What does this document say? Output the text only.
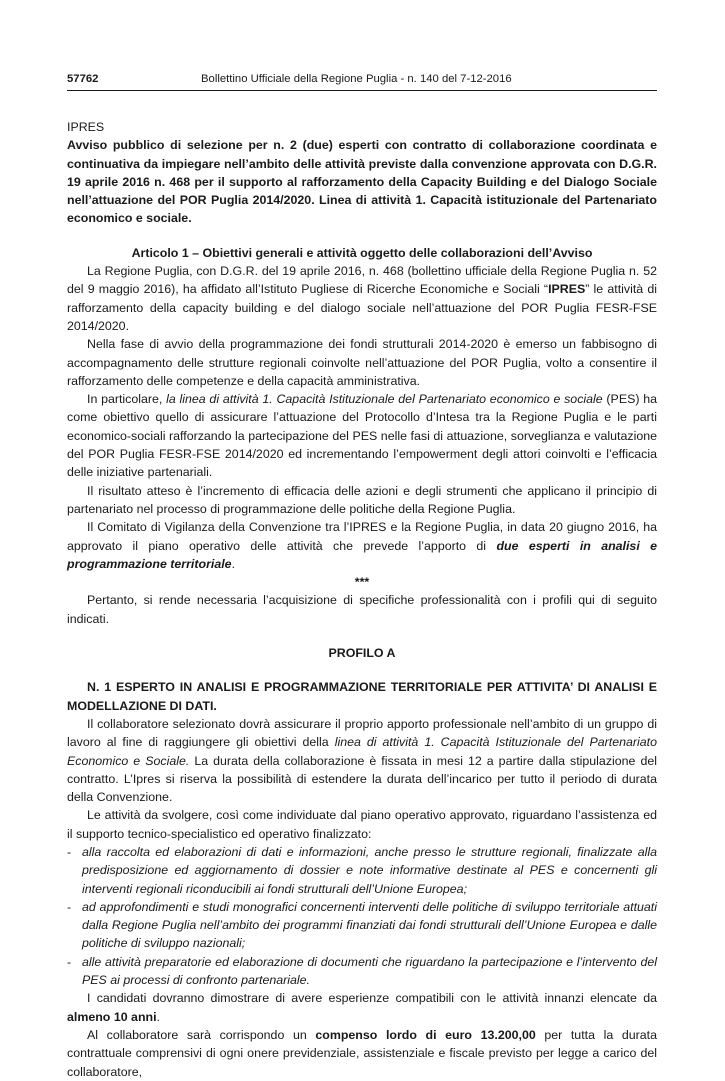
57762	Bollettino Ufficiale della Regione Puglia - n. 140 del 7-12-2016

IPRES

Avviso pubblico di selezione per n. 2 (due) esperti con contratto di collaborazione coordinata e continuativa da impiegare nell’ambito delle attività previste dalla convenzione approvata con D.G.R. 19 aprile 2016 n. 468 per il supporto al rafforzamento della Capacity Building e del Dialogo Sociale nell’attuazione del POR Puglia 2014/2020. Linea di attività 1. Capacità istituzionale del Partenariato economico e sociale.

Articolo 1 – Obiettivi generali e attività oggetto delle collaborazioni dell’Avviso

La Regione Puglia, con D.G.R. del 19 aprile 2016, n. 468 (bollettino ufficiale della Regione Puglia n. 52 del 9 maggio 2016), ha affidato all’Istituto Pugliese di Ricerche Economiche e Sociali “IPRES” le attività di rafforzamento della capacity building e del dialogo sociale nell’attuazione del POR Puglia FESR-FSE 2014/2020.

Nella fase di avvio della programmazione dei fondi strutturali 2014-2020 è emerso un fabbisogno di accompagnamento delle strutture regionali coinvolte nell’attuazione del POR Puglia, volto a consentire il rafforzamento delle competenze e della capacità amministrativa.

In particolare, la linea di attività 1. Capacità Istituzionale del Partenariato economico e sociale (PES) ha come obiettivo quello di assicurare l’attuazione del Protocollo d’Intesa tra la Regione Puglia e le parti economico-sociali rafforzando la partecipazione del PES nelle fasi di attuazione, sorveglianza e valutazione del POR Puglia FESR-FSE 2014/2020 ed incrementando l’empowerment degli attori coinvolti e l’efficacia delle iniziative partenariali.

Il risultato atteso è l’incremento di efficacia delle azioni e degli strumenti che applicano il principio di partenariato nel processo di programmazione delle politiche della Regione Puglia.

Il Comitato di Vigilanza della Convenzione tra l’IPRES e la Regione Puglia, in data 20 giugno 2016, ha approvato il piano operativo delle attività che prevede l’apporto di due esperti in analisi e programmazione territoriale.

***

Pertanto, si rende necessaria l’acquisizione di specifiche professionalità con i profili qui di seguito indicati.

PROFILO A

N. 1 ESPERTO IN ANALISI E PROGRAMMAZIONE TERRITORIALE PER ATTIVITA’ DI ANALISI E MODELLAZIONE DI DATI.

Il collaboratore selezionato dovrà assicurare il proprio apporto professionale nell’ambito di un gruppo di lavoro al fine di raggiungere gli obiettivi della linea di attività 1. Capacità Istituzionale del Partenariato Economico e Sociale. La durata della collaborazione è fissata in mesi 12 a partire dalla stipulazione del contratto. L’Ipres si riserva la possibilità di estendere la durata dell’incarico per tutto il periodo di durata della Convenzione.

Le attività da svolgere, così come individuate dal piano operativo approvato, riguardano l’assistenza ed il supporto tecnico-specialistico ed operativo finalizzato:

- alla raccolta ed elaborazioni di dati e informazioni, anche presso le strutture regionali, finalizzate alla predisposizione ed aggiornamento di dossier e note informative destinate al PES e concernenti gli interventi regionali riconducibili ai fondi strutturali dell’Unione Europea;
- ad approfondimenti e studi monografici concernenti interventi delle politiche di sviluppo territoriale attuati dalla Regione Puglia nell’ambito dei programmi finanziati dai fondi strutturali dell’Unione Europea e dalle politiche di sviluppo nazionali;
- alle attività preparatorie ed elaborazione di documenti che riguardano la partecipazione e l’intervento del PES ai processi di confronto partenariale.

I candidati dovranno dimostrare di avere esperienze compatibili con le attività innanzi elencate da almeno 10 anni.

Al collaboratore sarà corrispondo un compenso lordo di euro 13.200,00 per tutta la durata contrattuale comprensivi di ogni onere previdenziale, assistenziale e fiscale previsto per legge a carico del collaboratore,
